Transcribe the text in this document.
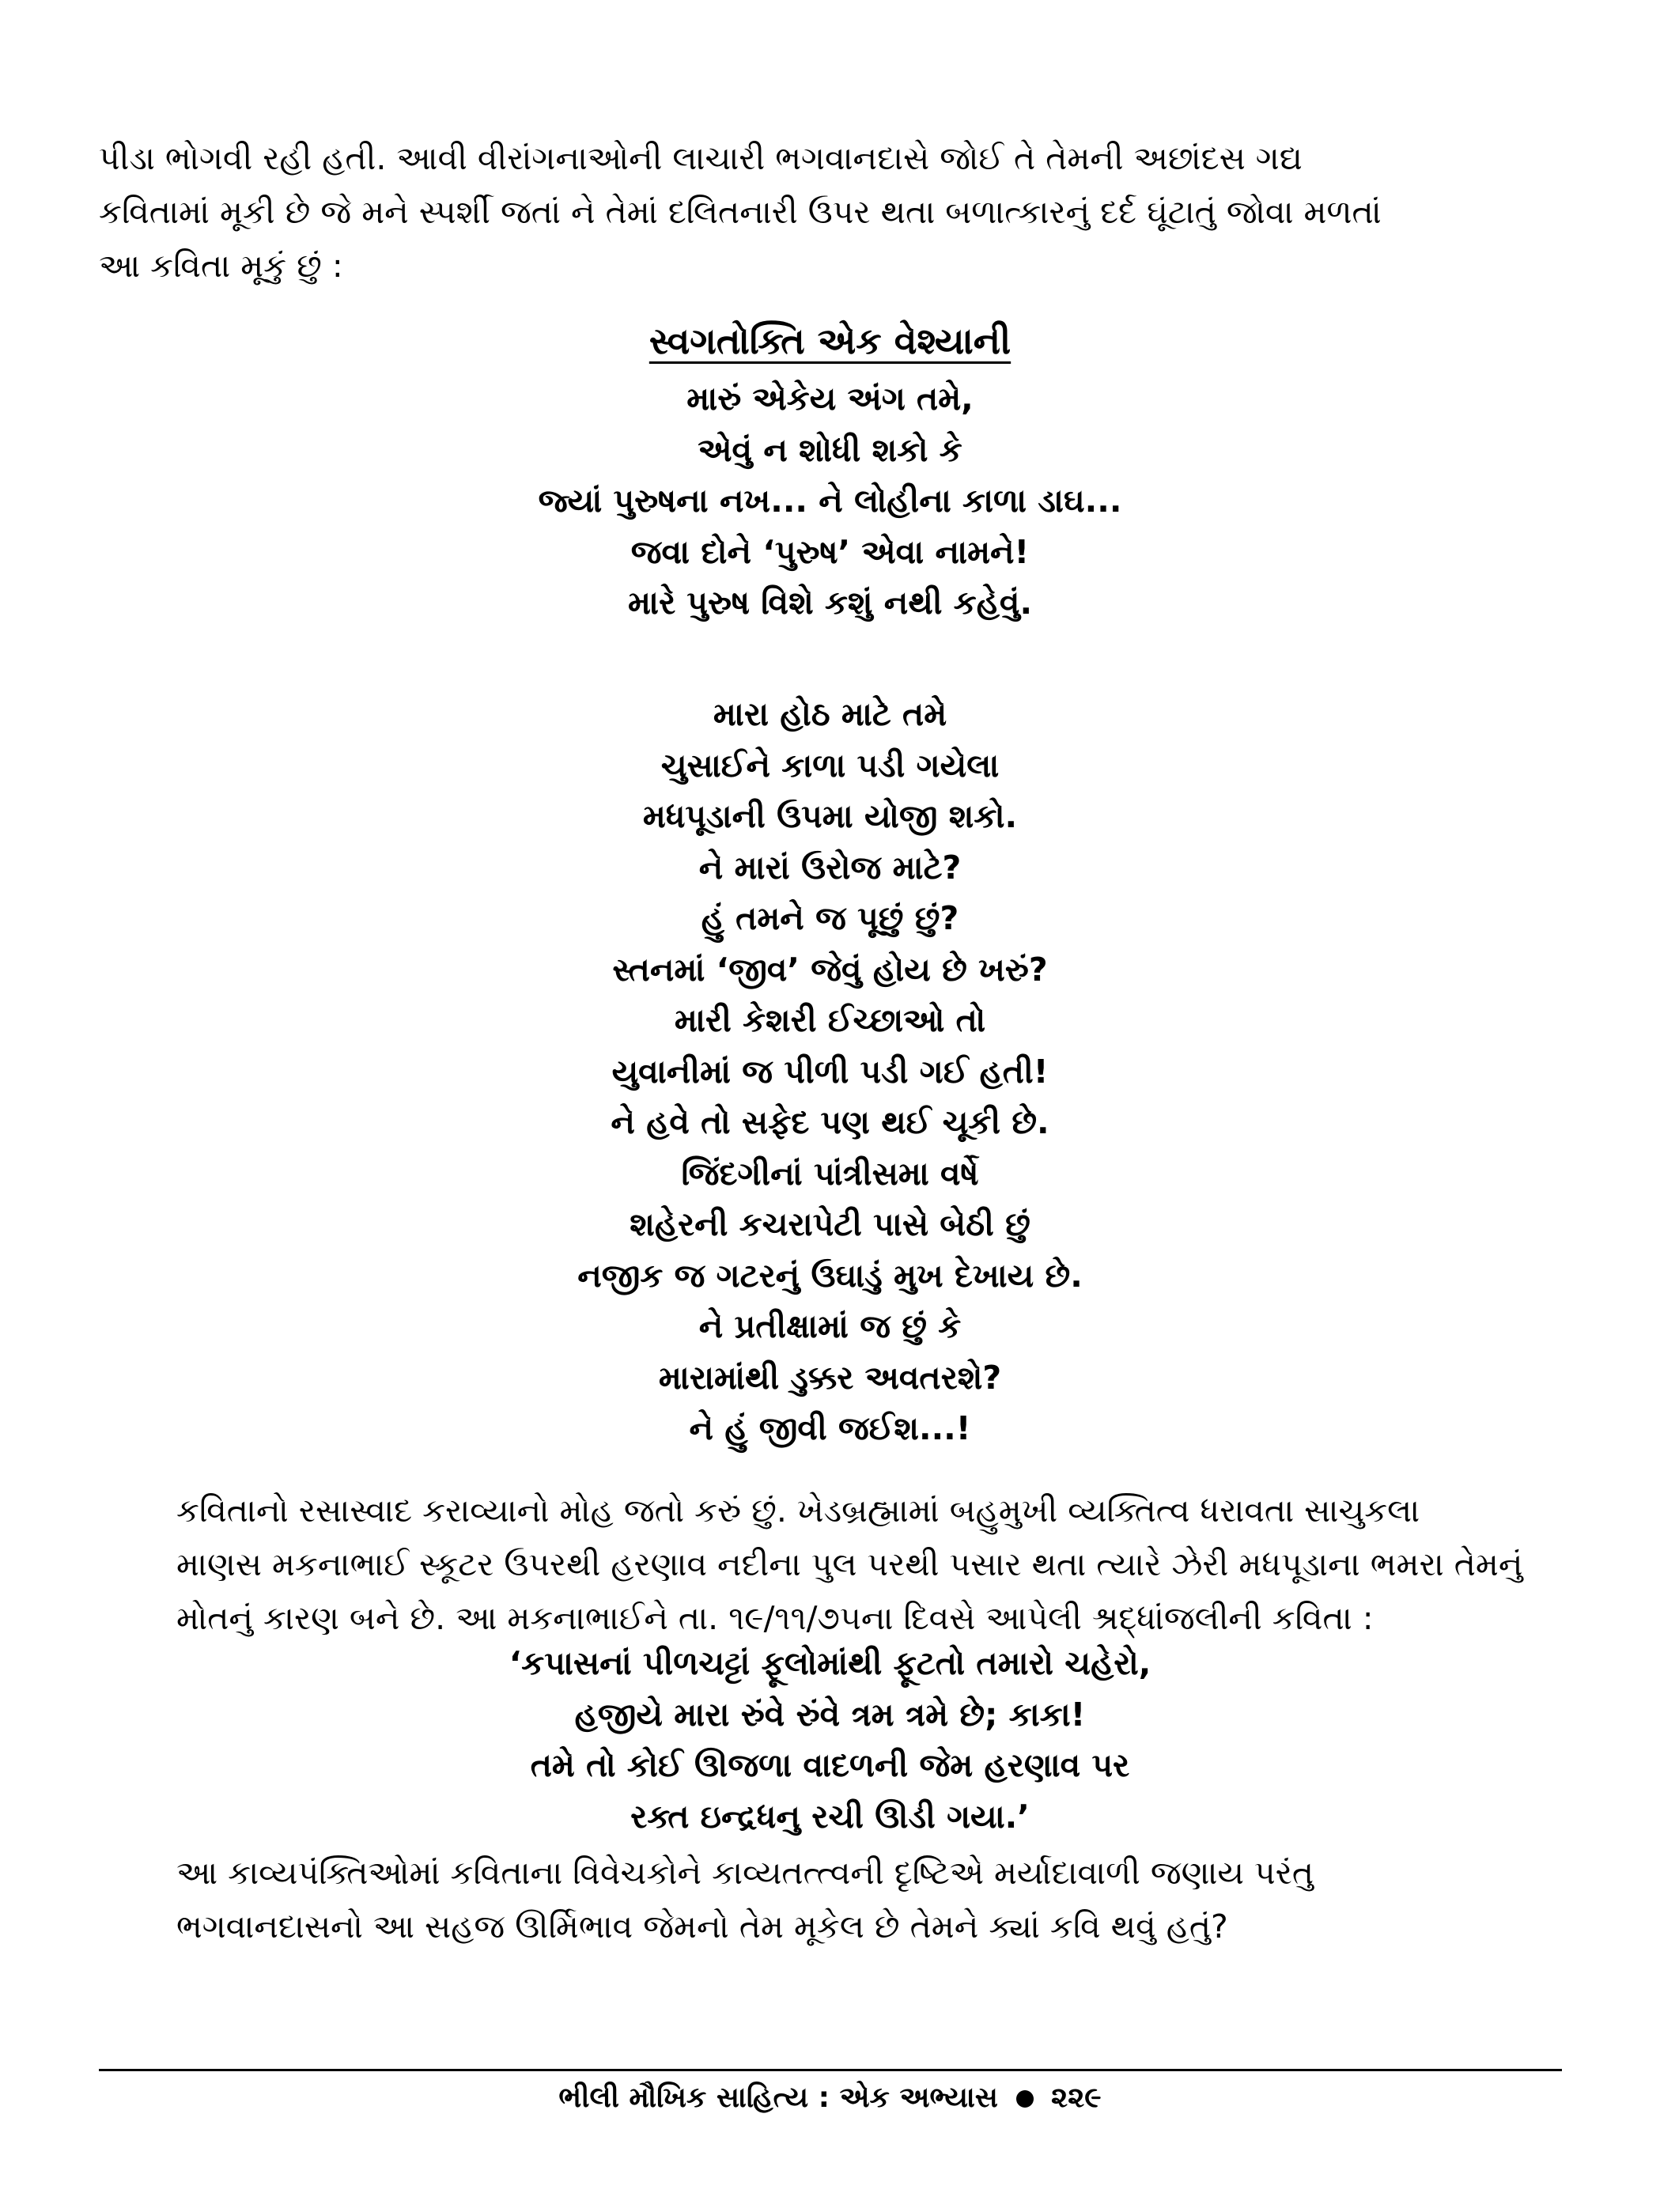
પીડા ભોગવી રહી હતી. આવી વીરાંગનાઓની લાચારી ભગવાનદાસે જોઈ તે તેમની અછાંદસ ગદ્ય
કવિતામાં મૂકી છે જે મને સ્પર્શી જતાં ને તેમાં દલિતનારી ઉપર થતા બળાત્કારનું દર્દ ઘૂંટાતું જોવા મળતાં
આ કવિતા મૂકું છું :
સ્વગતોક્તિ એક વેશ્યાની
મારું એકેય અંગ તમે,
એવું ન શોધી શકો કે
જ્યાં પુરુષના નખ... ને લોહીના કાળા ડાઘ...
જવા દોને ‘પુરુષ’ એવા નામને!
મારે પુરુષ વિશે કશું નથી કહેવું.
મારા હોઠ માટે તમે
ચુસાઈને કાળા પડી ગયેલા
મધપૂડાની ઉપમા યોજી શકો.
ને મારાં ઉરોજ માટે?
હું તમને જ પૂછું છું?
સ્તનમાં ‘જીવ’ જેવું હોય છે ખરું?
મારી કેશરી ઈચ્છાઓ તો
યુવાનીમાં જ પીળી પડી ગઈ હતી!
ને હવે તો સફેદ પણ થઈ ચૂકી છે.
જિંદગીનાં પાંત્રીસમા વર્ષે
શહેરની કચરાપેટી પાસે બેઠી છું
નજીક જ ગટરનું ઉઘાડું મુખ દેખાય છે.
ને પ્રતીક્ષામાં જ છું કે
મારામાંથી ડુક્કર અવતરશે?
ને હું જીવી જઈશ...!
કવિતાનો રસાસ્વાદ કરાવ્યાનો મોહ જતો કરું છું. ખેડબ્રહ્મામાં બહુમુખી વ્યક્તિત્વ ધરાવતા સાચુકલા
માણસ મકનાભાઈ સ્કૂટર ઉપરથી હરણાવ નદીના પુલ પરથી પસાર થતા ત્યારે ઝેરી મધપૂડાના ભમરા તેમનું
મોતનું કારણ બને છે. આ મકનાભાઈને તા. ૧૯/૧૧/૭૫ના દિવસે આપેલી શ્રદ્ધાંજલીની કવિતા :
‘કપાસનાં પીળચટ્ટાં ફૂલોમાંથી ફૂટતો તમારો ચહેરો,
હજીયે મારા રુંવે રુંવે ત્રમ ત્રમે છે; કાકા!
તમે તો કોઈ ઊજળા વાદળની જેમ હરણાવ પર
રક્ત ઇન્દ્રધનુ રચી ઊડી ગયા.’
આ કાવ્યપંક્તિઓમાં કવિતાના વિવેચકોને કાવ્યતત્ત્વની દૃષ્ટિએ મર્યાદાવાળી જણાય પરંતુ
ભગવાનદાસનો આ સહજ ઊર્મિભાવ જેમનો તેમ મૂકેલ છે તેમને ક્યાં કવિ થવું હતું?
ભીલી મૌખિક સાહિત્ય : એક અભ્યાસ ૨૨૯
